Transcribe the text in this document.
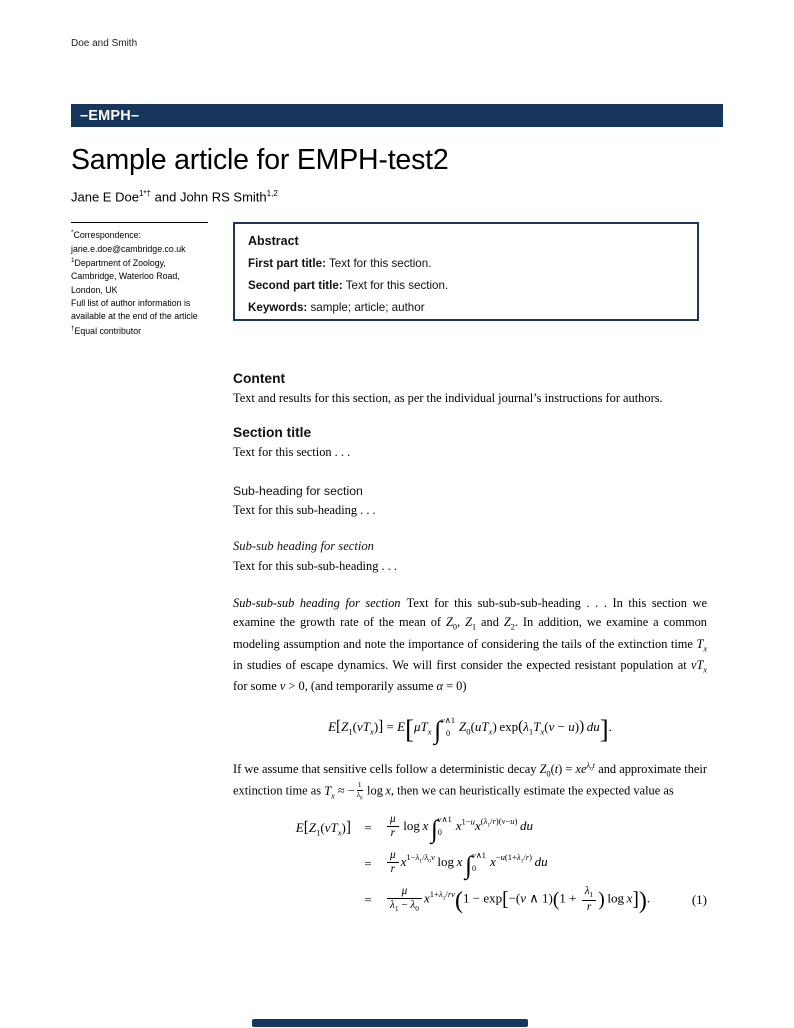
Doe and Smith
–EMPH–
Sample article for EMPH-test2
Jane E Doe$^{1*\dagger}$ and John RS Smith$^{1,2}$
*Correspondence:
jane.e.doe@cambridge.co.uk
$^1$Department of Zoology,
Cambridge, Waterloo Road,
London, UK
Full list of author information is
available at the end of the article
†Equal contributor
Abstract
First part title: Text for this section.
Second part title: Text for this section.
Keywords: sample; article; author
Content

Text and results for this section, as per the individual journal’s instructions for authors.

Section title

Text for this section . . .

Sub-heading for section

Text for this sub-heading . . .

Sub-sub heading for section

Text for this sub-sub-heading . . .

Sub-sub-sub heading for section Text for this sub-sub-sub-heading . . . In this section we examine the growth rate of the mean of $Z_0$, $Z_1$ and $Z_2$. In addition, we examine a common modeling assumption and note the importance of considering the tails of the extinction time $T_x$ in studies of escape dynamics. We will first consider the expected resistant population at $vT_x$ for some v > 0, (and temporarily assume α = 0)

$E[Z_1(vT_x)] = E[\mu T_x$  ∫ v∧1
0
$Z_0(uT_x) \exp(\lambda_1T_x(v - u))$  du].

If we assume that sensitive cells follow a deterministic decay $Z_0(t) = xe^{\lambda_0t}$ and approximate their extinction time as $T_x$ ≈ − $\frac{1}{\lambda_0}$  log x, then we can heuristically estimate the expected value as

$E[Z_1(vT_x)]$	=	$\frac{\mu}{r}$  log x  ∫ v∧1
0
$x^{1-u}x^{(\lambda_1/r)(v-u)}$  du
=	$\frac{\mu}{r} x^{1-\lambda_1/\lambda_0v}$ log x  ∫ v∧1
0
$x^{-u(1+\lambda_1/r)}$  du
=	$\frac{\mu}{\lambda_1 - \lambda_0} x^{1+\lambda_1/rv}(1 - \exp[-(v$ ∧ $1)(1 + \frac{\lambda_1}{r}$ ) log x]).	(1)
